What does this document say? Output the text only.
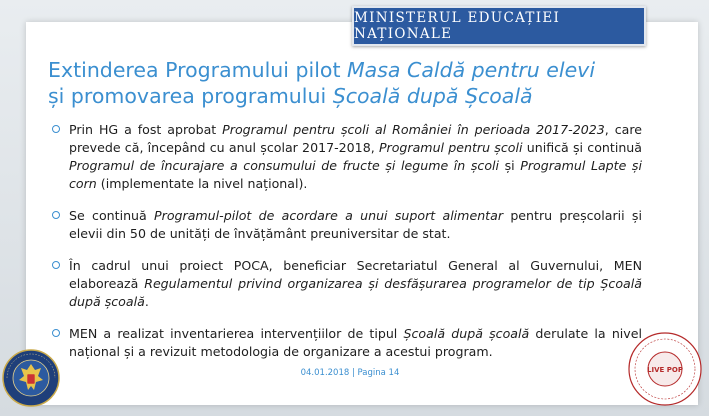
MINISTERUL EDUCAȚIEI NAȚIONALE
Extinderea Programului pilot Masa Caldă pentru elevi
și promovarea programului Școală după Școală
Prin HG a fost aprobat Programul pentru școli al României în perioada 2017-2023, care prevede că, începând cu anul școlar 2017-2018, Programul pentru școli unifică și continuă Programul de încurajare a consumului de fructe și legume în școli și Programul Lapte și corn (implementate la nivel național).
Se continuă Programul-pilot de acordare a unui suport alimentar pentru preșcolarii și elevii din 50 de unități de învățământ preuniversitar de stat.
În cadrul unui proiect POCA, beneficiar Secretariatul General al Guvernului, MEN elaborează Regulamentul privind organizarea și desfășurarea programelor de tip Școală după școală.
MEN a realizat inventarierea intervențiilor de tipul Școală după școală derulate la nivel național și a revizuit metodologia de organizare a acestui program.
04.01.2018 | Pagina 14	LIVE POP
